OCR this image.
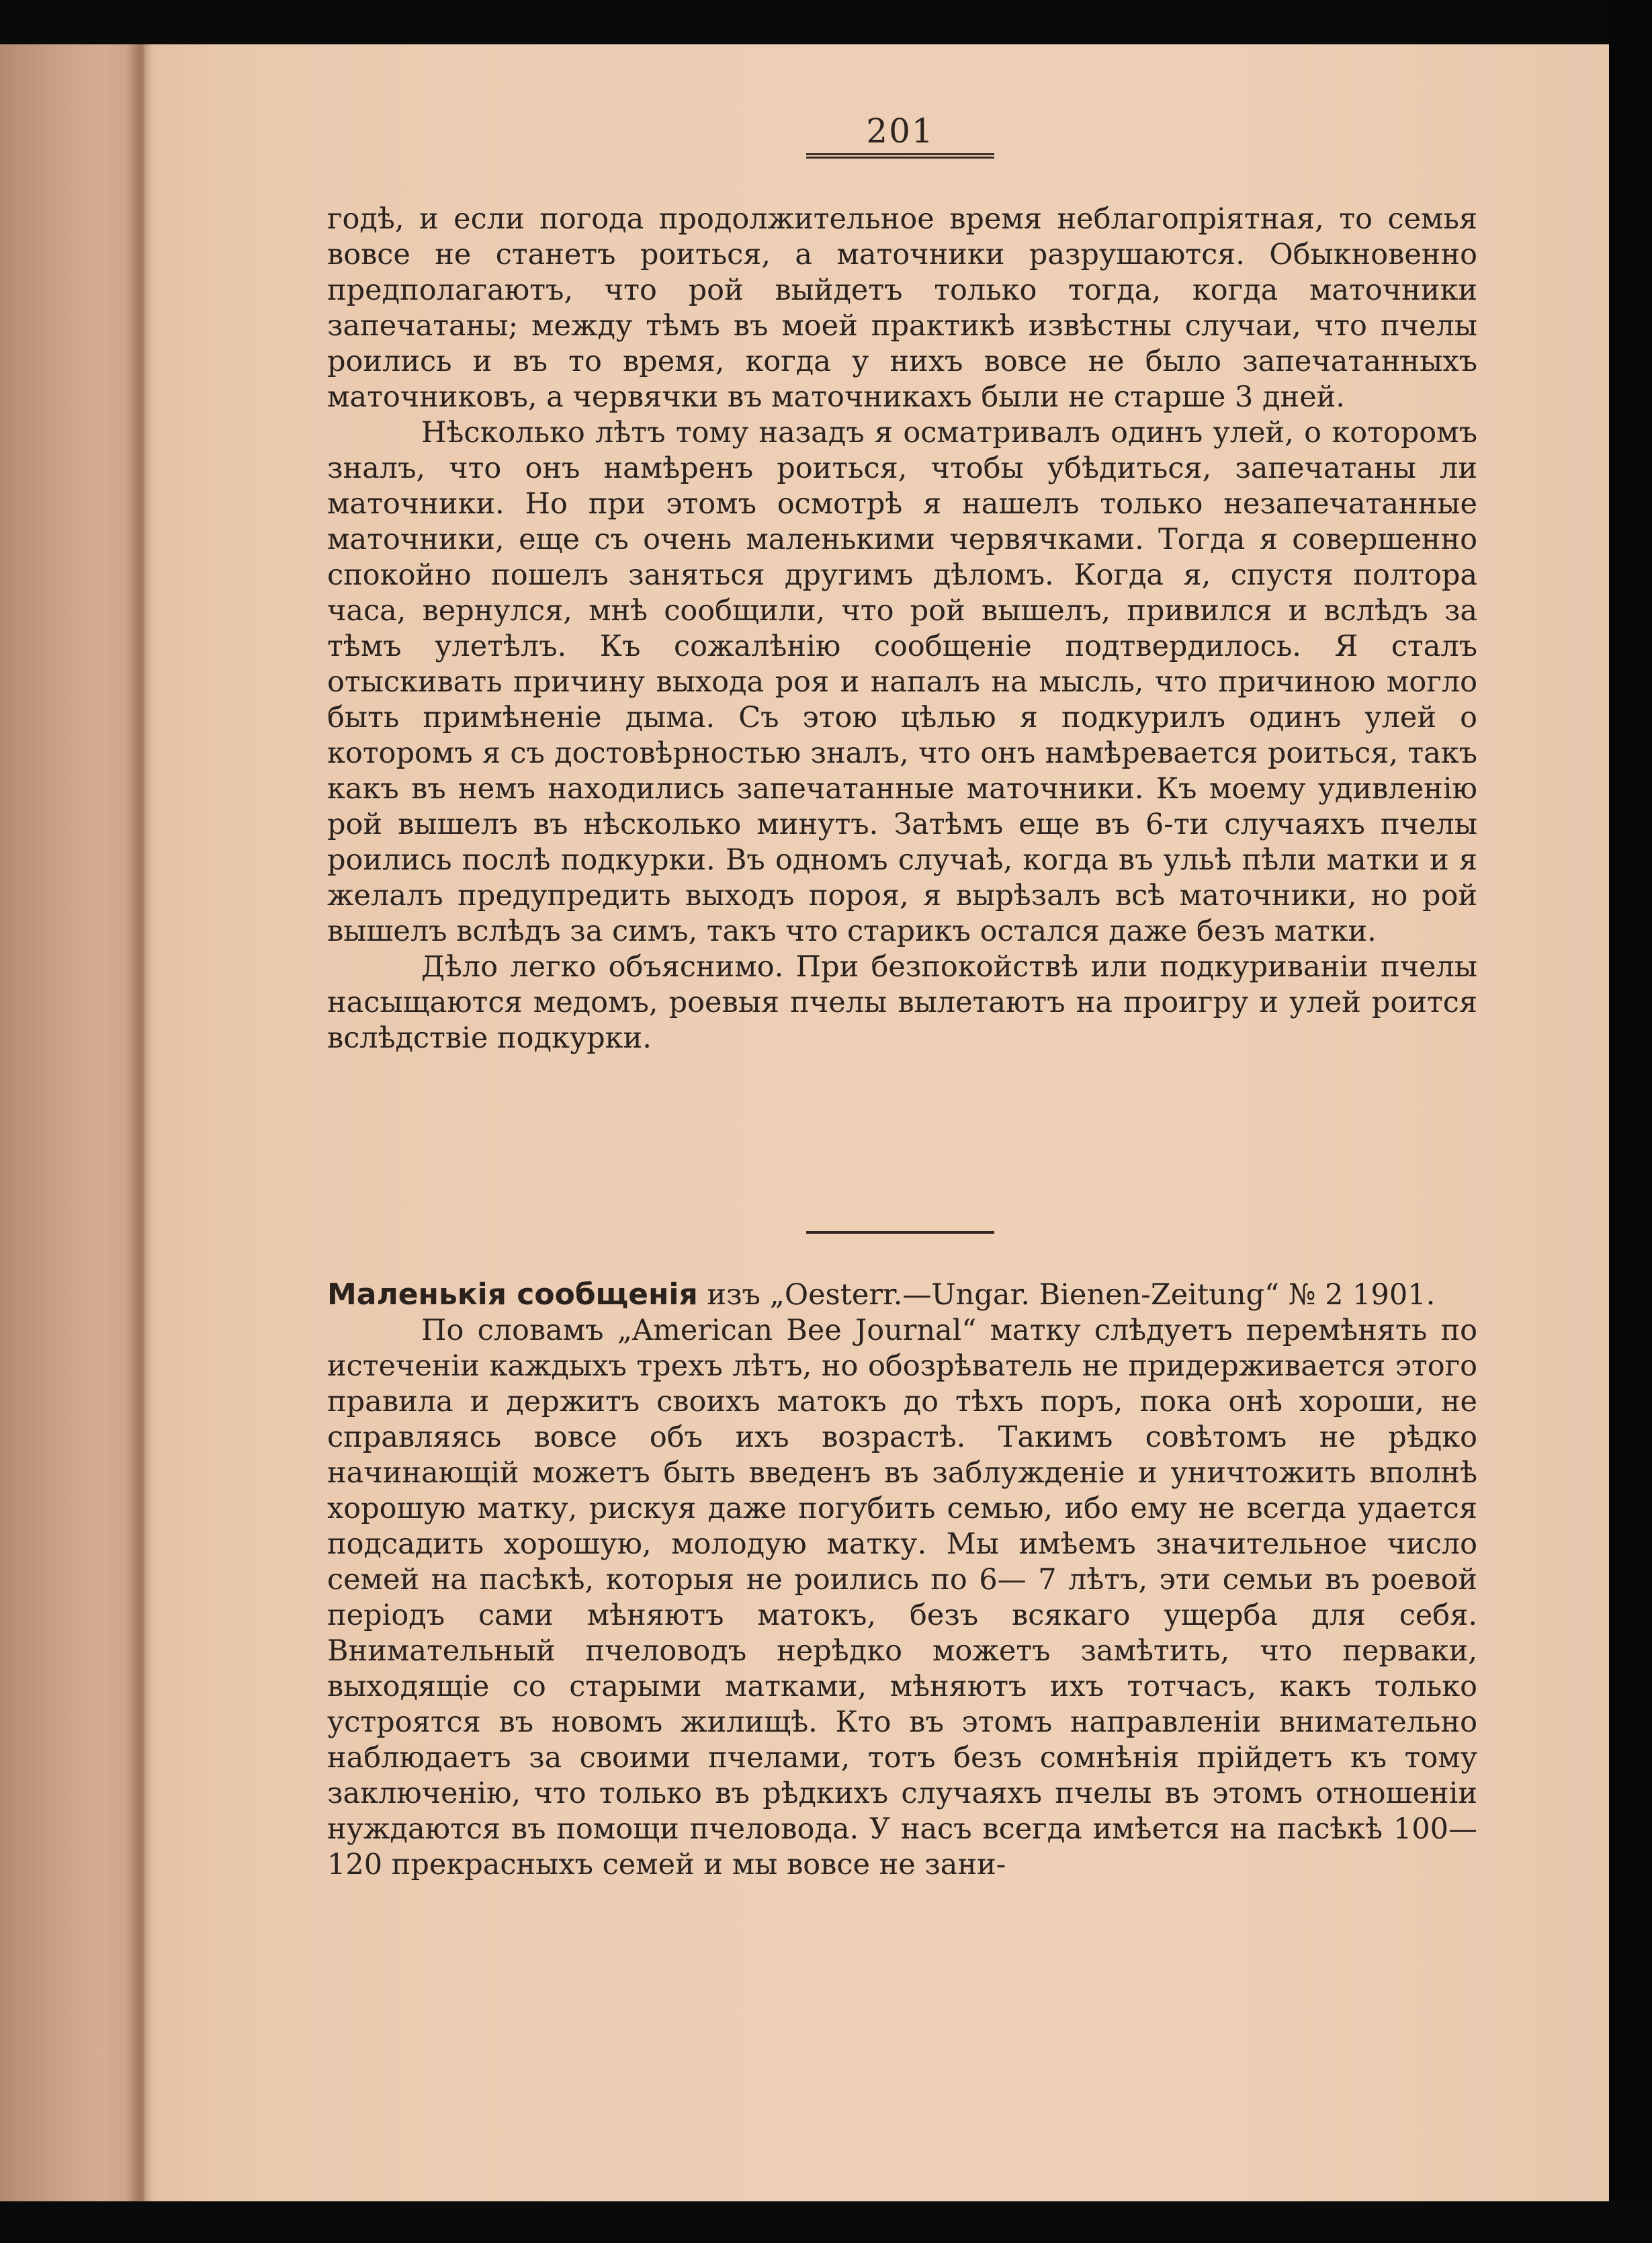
201

годѣ, и если погода продолжительное время неблагопріятная, то семья вовсе не станетъ роиться, а маточники разрушаются. Обыкновенно предполагаютъ, что рой выйдетъ только тогда, когда маточники запечатаны; между тѣмъ въ моей практикѣ извѣстны случаи, что пчелы роились и въ то время, когда у нихъ вовсе не было запечатанныхъ маточниковъ, а червячки въ маточникахъ были не старше 3 дней.

Нѣсколько лѣтъ тому назадъ я осматривалъ одинъ улей, о которомъ зналъ, что онъ намѣренъ роиться, чтобы убѣдиться, запечатаны ли маточники. Но при этомъ осмотрѣ я нашелъ только незапечатанные маточники, еще съ очень маленькими червячками. Тогда я совершенно спокойно пошелъ заняться другимъ дѣломъ. Когда я, спустя полтора часа, вернулся, мнѣ сообщили, что рой вышелъ, привился и вслѣдъ за тѣмъ улетѣлъ. Къ сожалѣнію сообщеніе подтвердилось. Я сталъ отыскивать причину выхода роя и напалъ на мысль, что причиною могло быть примѣненіе дыма. Съ этою цѣлью я подкурилъ одинъ улей о которомъ я съ достовѣрностью зналъ, что онъ намѣревается роиться, такъ какъ въ немъ находились запечатанные маточники. Къ моему удивленію рой вышелъ въ нѣсколько минутъ. Затѣмъ еще въ 6-ти случаяхъ пчелы роились послѣ подкурки. Въ одномъ случаѣ, когда въ ульѣ пѣли матки и я желалъ предупредить выходъ пороя, я вырѣзалъ всѣ маточники, но рой вышелъ вслѣдъ за симъ, такъ что старикъ остался даже безъ матки.

Дѣло легко объяснимо. При безпокойствѣ или подкуриваніи пчелы насыщаются медомъ, роевыя пчелы вылетаютъ на проигру и улей роится вслѣдствіе подкурки.

Маленькія сообщенія изъ „Oesterr.—Ungar. Bienen-Zeitung“ № 2 1901.

По словамъ „American Bee Journal“ матку слѣдуетъ перемѣнять по истеченіи каждыхъ трехъ лѣтъ, но обозрѣватель не придерживается этого правила и держитъ своихъ матокъ до тѣхъ поръ, пока онѣ хороши, не справляясь вовсе объ ихъ возрастѣ. Такимъ совѣтомъ не рѣдко начинающій можетъ быть введенъ въ заблужденіе и уничтожить вполнѣ хорошую матку, рискуя даже погубить семью, ибо ему не всегда удается подсадить хорошую, молодую матку. Мы имѣемъ значительное число семей на пасѣкѣ, которыя не роились по 6— 7 лѣтъ, эти семьи въ роевой періодъ сами мѣняютъ матокъ, безъ всякаго ущерба для себя. Внимательный пчеловодъ нерѣдко можетъ замѣтить, что перваки, выходящіе со старыми матками, мѣняютъ ихъ тотчасъ, какъ только устроятся въ новомъ жилищѣ. Кто въ этомъ направленіи внимательно наблюдаетъ за своими пчелами, тотъ безъ сомнѣнія прійдетъ къ тому заключенію, что только въ рѣдкихъ случаяхъ пчелы въ этомъ отношеніи нуждаются въ помощи пчеловода. У насъ всегда имѣется на пасѣкѣ 100—120 прекрасныхъ семей и мы вовсе не зани-
